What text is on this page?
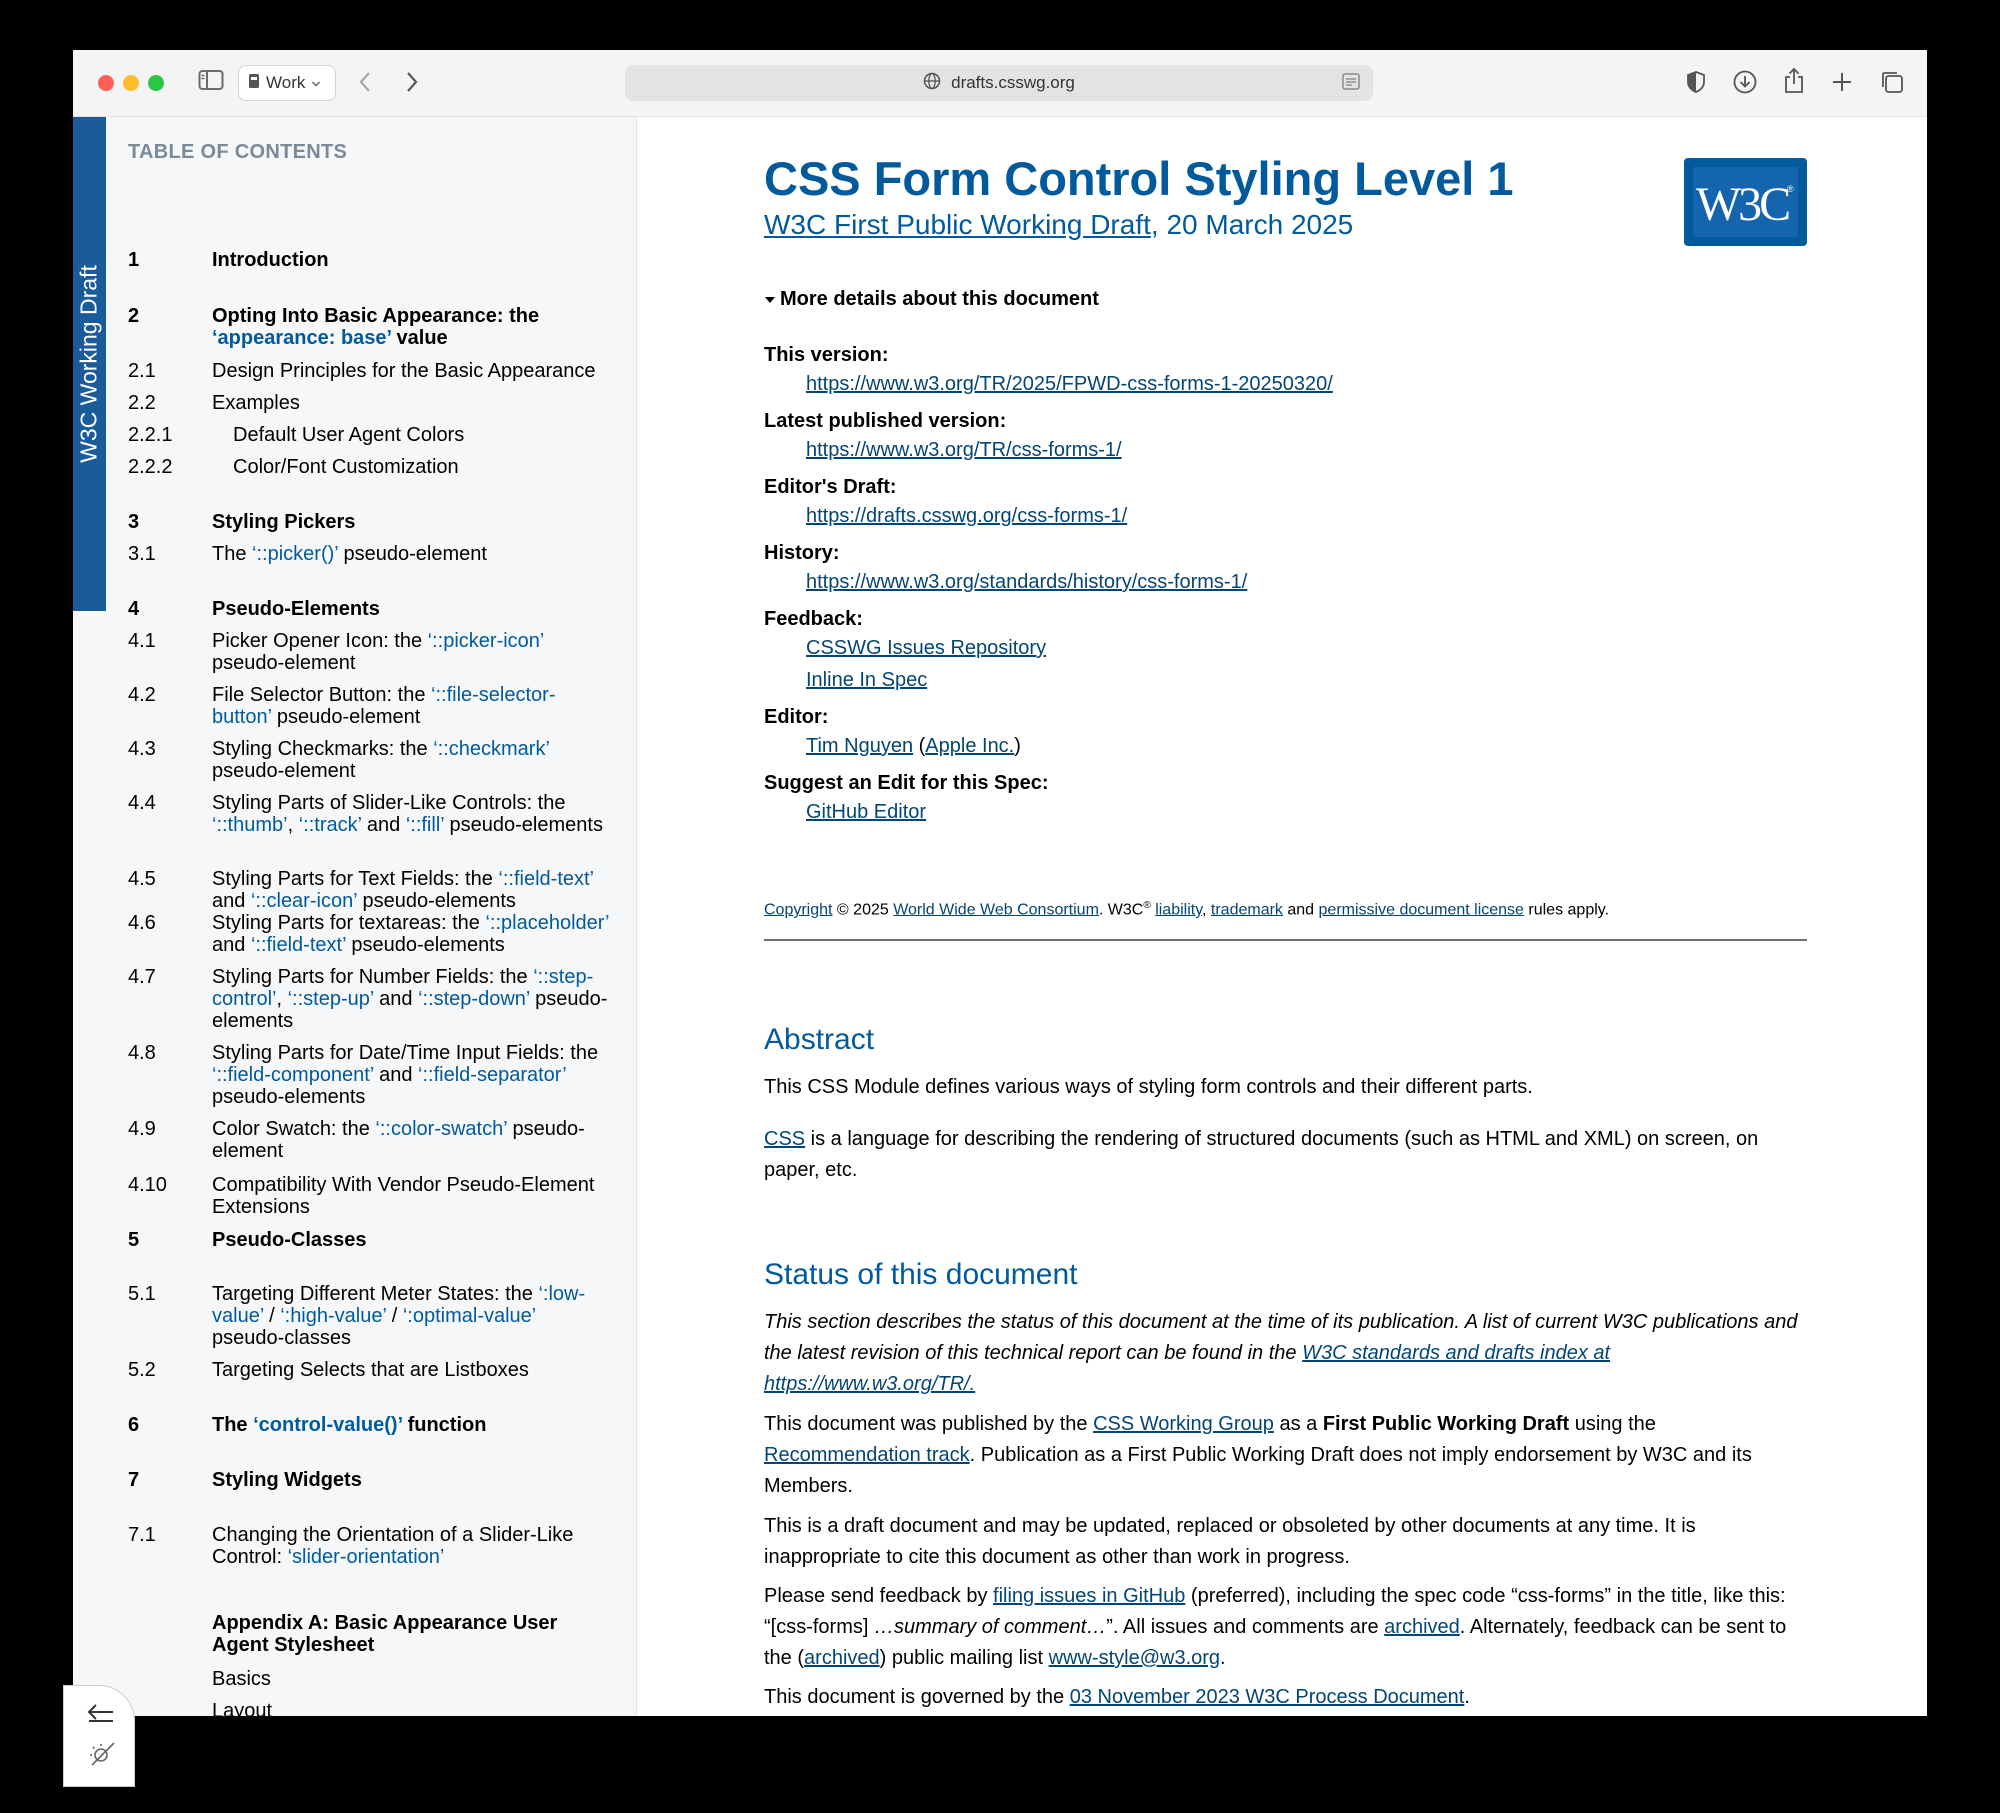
Work	drafts.csswg.org
W3C Working Draft
TABLE OF CONTENTS
1	Introduction
2	Opting Into Basic Appearance: the ‘appearance: base’ value
2.1	Design Principles for the Basic Appearance
2.2	Examples
2.2.1	Default User Agent Colors
2.2.2	Color/Font Customization
3	Styling Pickers
3.1	The ‘::picker()’ pseudo-element
4	Pseudo-Elements
4.1	Picker Opener Icon: the ‘::picker-icon’ pseudo-element
4.2	File Selector Button: the ‘::file-selector-button’ pseudo-element
4.3	Styling Checkmarks: the ‘::checkmark’ pseudo-element
4.4	Styling Parts of Slider-Like Controls: the ‘::thumb’, ‘::track’ and ‘::fill’ pseudo-elements
4.5	Styling Parts for Text Fields: the ‘::field-text’ and ‘::clear-icon’ pseudo-elements
4.6	Styling Parts for textareas: the ‘::placeholder’ and ‘::field-text’ pseudo-elements
4.7	Styling Parts for Number Fields: the ‘::step-control’, ‘::step-up’ and ‘::step-down’ pseudo-elements
4.8	Styling Parts for Date/Time Input Fields: the ‘::field-component’ and ‘::field-separator’ pseudo-elements
4.9	Color Swatch: the ‘::color-swatch’ pseudo-element
4.10 Compatibility With Vendor Pseudo-Element Extensions
5	Pseudo-Classes
5.1	Targeting Different Meter States: the ‘:low-value’ / ‘:high-value’ / ‘:optimal-value’ pseudo-classes
5.2	Targeting Selects that are Listboxes
6	The ‘control-value()’ function
7	Styling Widgets
7.1	Changing the Orientation of a Slider-Like Control: ‘slider-orientation’
Appendix A: Basic Appearance User Agent Stylesheet
Basics
Layout
Sliders
CSS Form Control Styling Level 1
W3C First Public Working Draft, 20 March 2025	W3C
®
More details about this document
This version:
https://www.w3.org/TR/2025/FPWD-css-forms-1-20250320/
Latest published version:
https://www.w3.org/TR/css-forms-1/
Editor's Draft:
https://drafts.csswg.org/css-forms-1/
History:
https://www.w3.org/standards/history/css-forms-1/
Feedback:
CSSWG Issues Repository
Inline In Spec
Editor:
Tim Nguyen (Apple Inc.)
Suggest an Edit for this Spec:
GitHub Editor
Copyright © 2025 World Wide Web Consortium. W3C® liability, trademark and permissive document license rules apply.
Abstract
This CSS Module defines various ways of styling form controls and their different parts.
CSS is a language for describing the rendering of structured documents (such as HTML and XML) on screen, on paper, etc.
Status of this document
This section describes the status of this document at the time of its publication. A list of current W3C publications and the latest revision of this technical report can be found in the W3C standards and drafts index at https://www.w3.org/TR/.
This document was published by the CSS Working Group as a First Public Working Draft using the Recommendation track. Publication as a First Public Working Draft does not imply endorsement by W3C and its Members.
This is a draft document and may be updated, replaced or obsoleted by other documents at any time. It is inappropriate to cite this document as other than work in progress.
Please send feedback by filing issues in GitHub (preferred), including the spec code “css-forms” in the title, like this: “[css-forms] …summary of comment…”. All issues and comments are archived. Alternately, feedback can be sent to the (archived) public mailing list www-style@w3.org.
This document is governed by the 03 November 2023 W3C Process Document.
